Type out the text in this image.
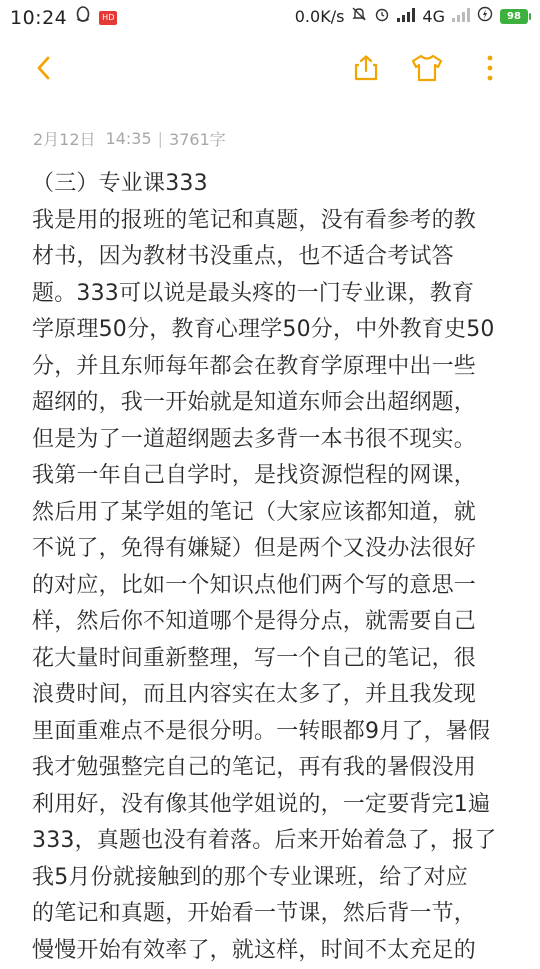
10:24	HD	0.0K/s	4G	98
2月12日 14:35 | 3761字
（三）专业课333
我是用的报班的笔记和真题，没有看参考的教
材书，因为教材书没重点，也不适合考试答
题。333可以说是最头疼的一门专业课，教育
学原理50分，教育心理学50分，中外教育史50
分，并且东师每年都会在教育学原理中出一些
超纲的，我一开始就是知道东师会出超纲题，
但是为了一道超纲题去多背一本书很不现实。
我第一年自己自学时，是找资源恺程的网课，
然后用了某学姐的笔记（大家应该都知道，就
不说了，免得有嫌疑）但是两个又没办法很好
的对应，比如一个知识点他们两个写的意思一
样，然后你不知道哪个是得分点，就需要自己
花大量时间重新整理，写一个自己的笔记，很
浪费时间，而且内容实在太多了，并且我发现
里面重难点不是很分明。一转眼都9月了，暑假
我才勉强整完自己的笔记，再有我的暑假没用
利用好，没有像其他学姐说的，一定要背完1遍
333，真题也没有着落。后来开始着急了，报了
我5月份就接触到的那个专业课班，给了对应
的笔记和真题，开始看一节课，然后背一节，
慢慢开始有效率了，就这样，时间不太充足的
